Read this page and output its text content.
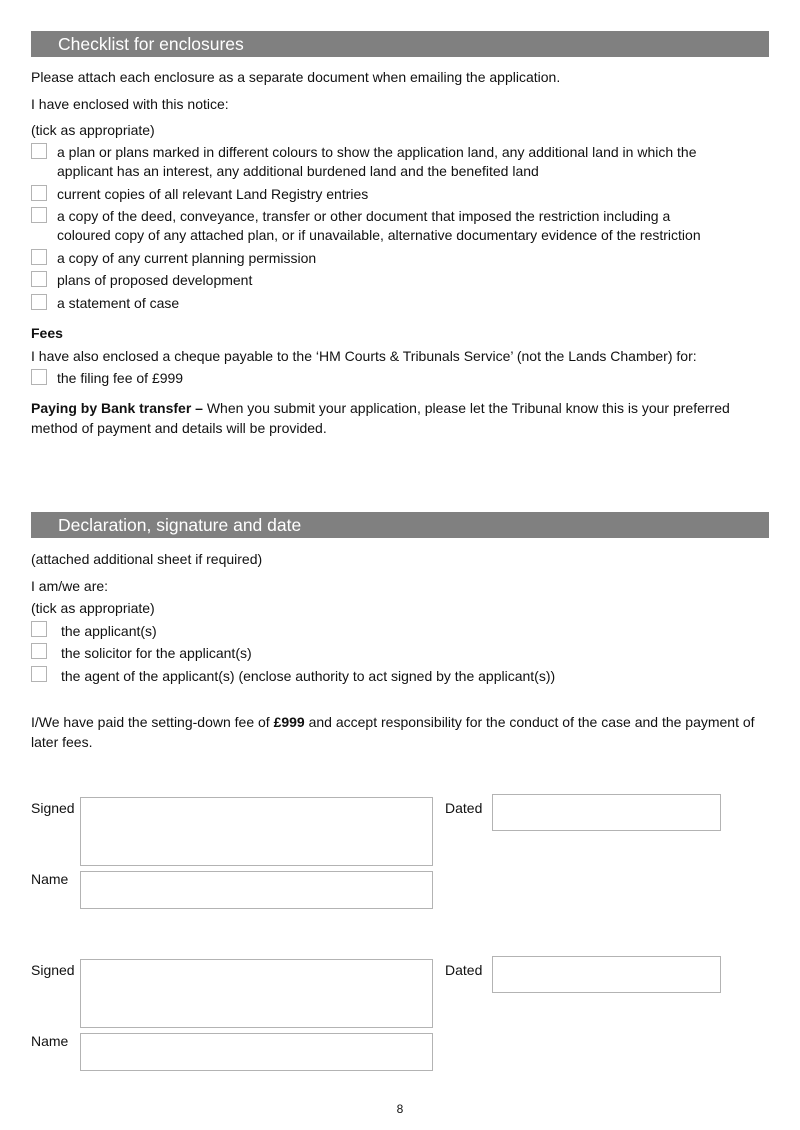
Checklist for enclosures
Please attach each enclosure as a separate document when emailing the application.
I have enclosed with this notice:
(tick as appropriate)
a plan or plans marked in different colours to show the application land, any additional land in which the
applicant has an interest, any additional burdened land and the benefited land
current copies of all relevant Land Registry entries
a copy of the deed, conveyance, transfer or other document that imposed the restriction including a
coloured copy of any attached plan, or if unavailable, alternative documentary evidence of the restriction
a copy of any current planning permission
plans of proposed development
a statement of case
Fees
I have also enclosed a cheque payable to the ‘HM Courts & Tribunals Service’ (not the Lands Chamber) for:
the filing fee of £999
Paying by Bank transfer – When you submit your application, please let the Tribunal know this is your preferred method of payment and details will be provided.
Declaration, signature and date
(attached additional sheet if required)
I am/we are:
(tick as appropriate)
the applicant(s)
the solicitor for the applicant(s)
the agent of the applicant(s) (enclose authority to act signed by the applicant(s))
I/We have paid the setting-down fee of £999 and accept responsibility for the conduct of the case and the payment of later fees.
Signed	Dated
Name
Signed	Dated
Name
8
